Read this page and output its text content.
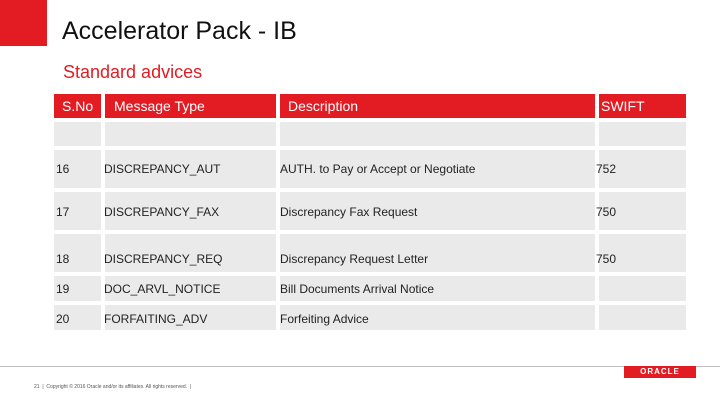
Accelerator Pack - IB
Standard advices
S.No	Message Type	Description	SWIFT
16	DISCREPANCY_AUT	AUTH. to Pay or Accept or Negotiate	752
17	DISCREPANCY_FAX	Discrepancy Fax Request	750
18	DISCREPANCY_REQ	Discrepancy Request Letter	750
19	DOC_ARVL_NOTICE	Bill Documents Arrival Notice
20	FORFAITING_ADV	Forfeiting Advice
ORACLE
21  |  Copyright © 2016 Oracle and/or its affiliates. All rights reserved.  |
